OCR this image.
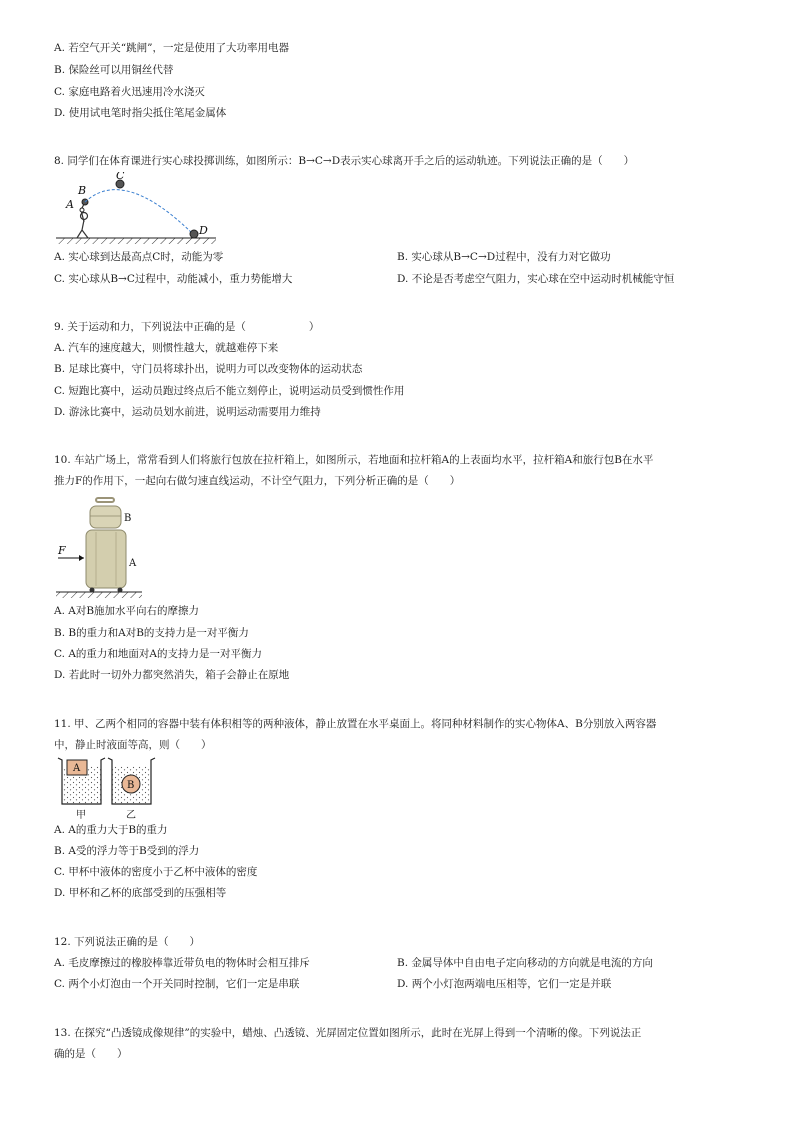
A. 若空气开关“跳闸”，一定是使用了大功率用电器
B. 保险丝可以用铜丝代替
C. 家庭电路着火迅速用冷水浇灭
D. 使用试电笔时指尖抵住笔尾金属体
8. 同学们在体育课进行实心球投掷训练，如图所示：B→C→D表示实心球离开手之后的运动轨迹。下列说法正确的是（　　）
A
B
C
D
A. 实心球到达最高点C时，动能为零	B. 实心球从B→C→D过程中，没有力对它做功
C. 实心球从B→C过程中，动能减小，重力势能增大	D. 不论是否考虑空气阻力，实心球在空中运动时机械能守恒
9. 关于运动和力，下列说法中正确的是（　　　　　　）
A. 汽车的速度越大，则惯性越大，就越难停下来
B. 足球比赛中，守门员将球扑出，说明力可以改变物体的运动状态
C. 短跑比赛中，运动员跑过终点后不能立刻停止，说明运动员受到惯性作用
D. 游泳比赛中，运动员划水前进，说明运动需要用力维持
10. 车站广场上，常常看到人们将旅行包放在拉杆箱上，如图所示，若地面和拉杆箱A的上表面均水平，拉杆箱A和旅行包B在水平
推力F的作用下，一起向右做匀速直线运动，不计空气阻力，下列分析正确的是（　　）
F
A
B
A. A对B施加水平向右的摩擦力
B. B的重力和A对B的支持力是一对平衡力
C. A的重力和地面对A的支持力是一对平衡力
D. 若此时一切外力都突然消失，箱子会静止在原地
11. 甲、乙两个相同的容器中装有体积相等的两种液体，静止放置在水平桌面上。将同种材料制作的实心物体A、B分别放入两容器
中，静止时液面等高，则（　　）
A
B
甲	乙
A. A的重力大于B的重力
B. A受的浮力等于B受到的浮力
C. 甲杯中液体的密度小于乙杯中液体的密度
D. 甲杯和乙杯的底部受到的压强相等
12. 下列说法正确的是（　　）
A. 毛皮摩擦过的橡胶棒靠近带负电的物体时会相互排斥	B. 金属导体中自由电子定向移动的方向就是电流的方向
C. 两个小灯泡由一个开关同时控制，它们一定是串联	D. 两个小灯泡两端电压相等，它们一定是并联
13. 在探究“凸透镜成像规律”的实验中，蜡烛、凸透镜、光屏固定位置如图所示，此时在光屏上得到一个清晰的像。下列说法正
确的是（　　）
